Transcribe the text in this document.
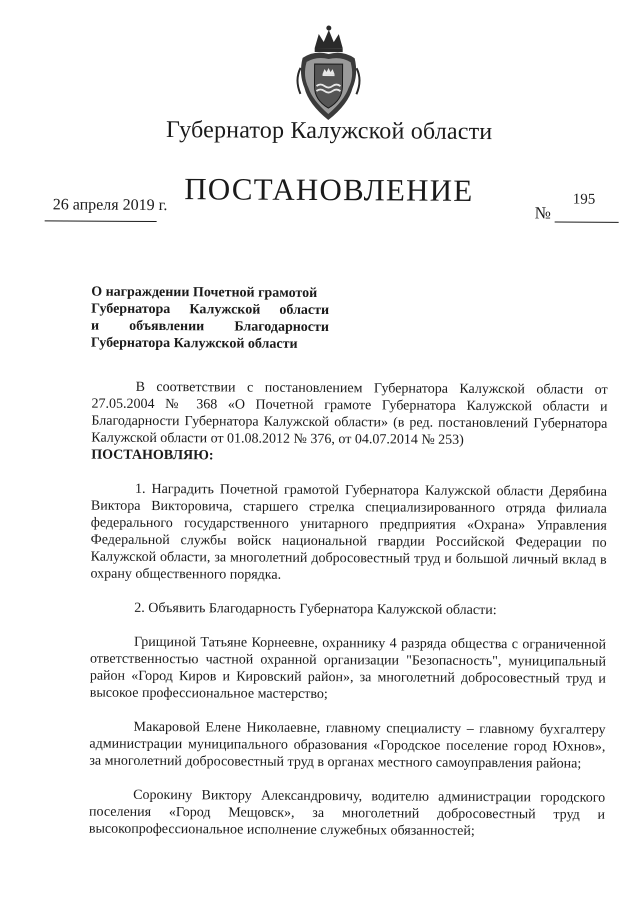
Губернатор Калужской области
ПОСТАНОВЛЕНИЕ
26 апреля 2019 г.	№
195
О награждении Почетной грамотой
Губернатора Калужской области
и объявлении Благодарности
Губернатора Калужской области

В соответствии с постановлением Губернатора Калужской области от 27.05.2004 № 368 «О Почетной грамоте Губернатора Калужской области и Благодарности Губернатора Калужской области» (в ред. постановлений Губернатора Калужской области от 01.08.2012 № 376, от 04.07.2014 № 253)

ПОСТАНОВЛЯЮ:

1. Наградить Почетной грамотой Губернатора Калужской области Дерябина Виктора Викторовича, старшего стрелка специализированного отряда филиала федерального государственного унитарного предприятия «Охрана» Управления Федеральной службы войск национальной гвардии Российской Федерации по Калужской области, за многолетний добросовестный труд и большой личный вклад в охрану общественного порядка.

2. Объявить Благодарность Губернатора Калужской области:

Грищиной Татьяне Корнеевне, охраннику 4 разряда общества с ограниченной ответственностью частной охранной организации "Безопасность", муниципальный район «Город Киров и Кировский район», за многолетний добросовестный труд и высокое профессиональное мастерство;

Макаровой Елене Николаевне, главному специалисту – главному бухгалтеру администрации муниципального образования «Городское поселение город Юхнов», за многолетний добросовестный труд в органах местного самоуправления района;

Сорокину Виктору Александровичу, водителю администрации городского поселения «Город Мещовск», за многолетний добросовестный труд и высокопрофессиональное исполнение служебных обязанностей;
